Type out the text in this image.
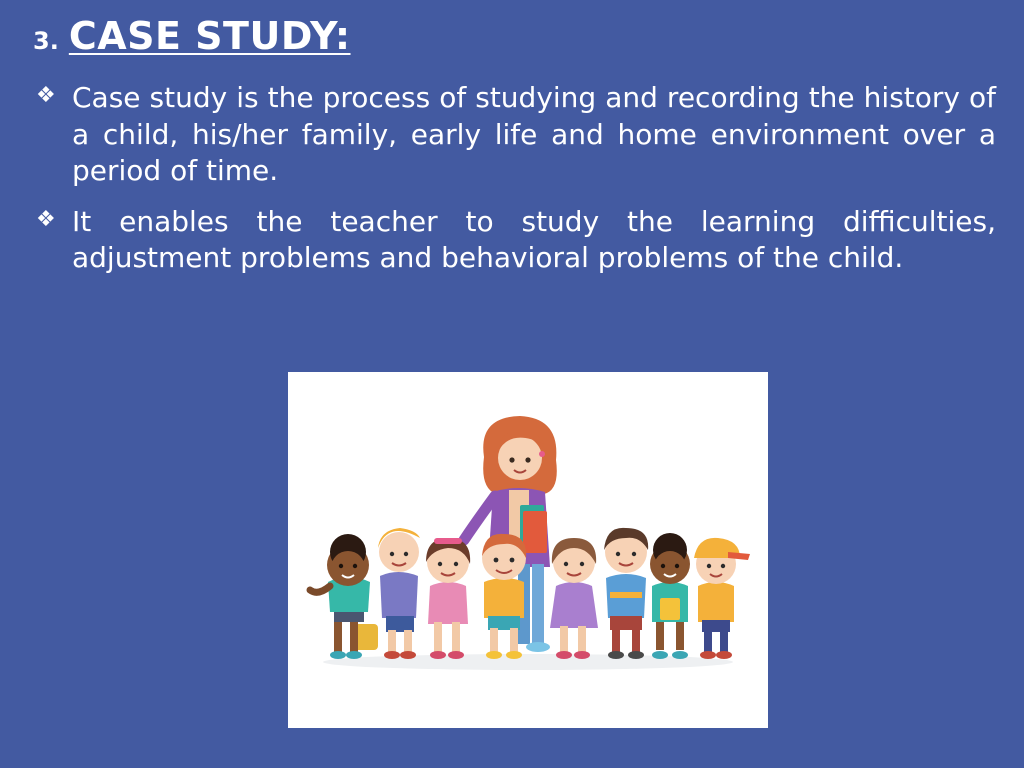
3. CASE STUDY:
❖ Case study is the process of studying and recording the history of a child, his/her family, early life and home environment over a period of time.
❖ It enables the teacher to study the learning difficulties, adjustment problems and behavioral problems of the child.
